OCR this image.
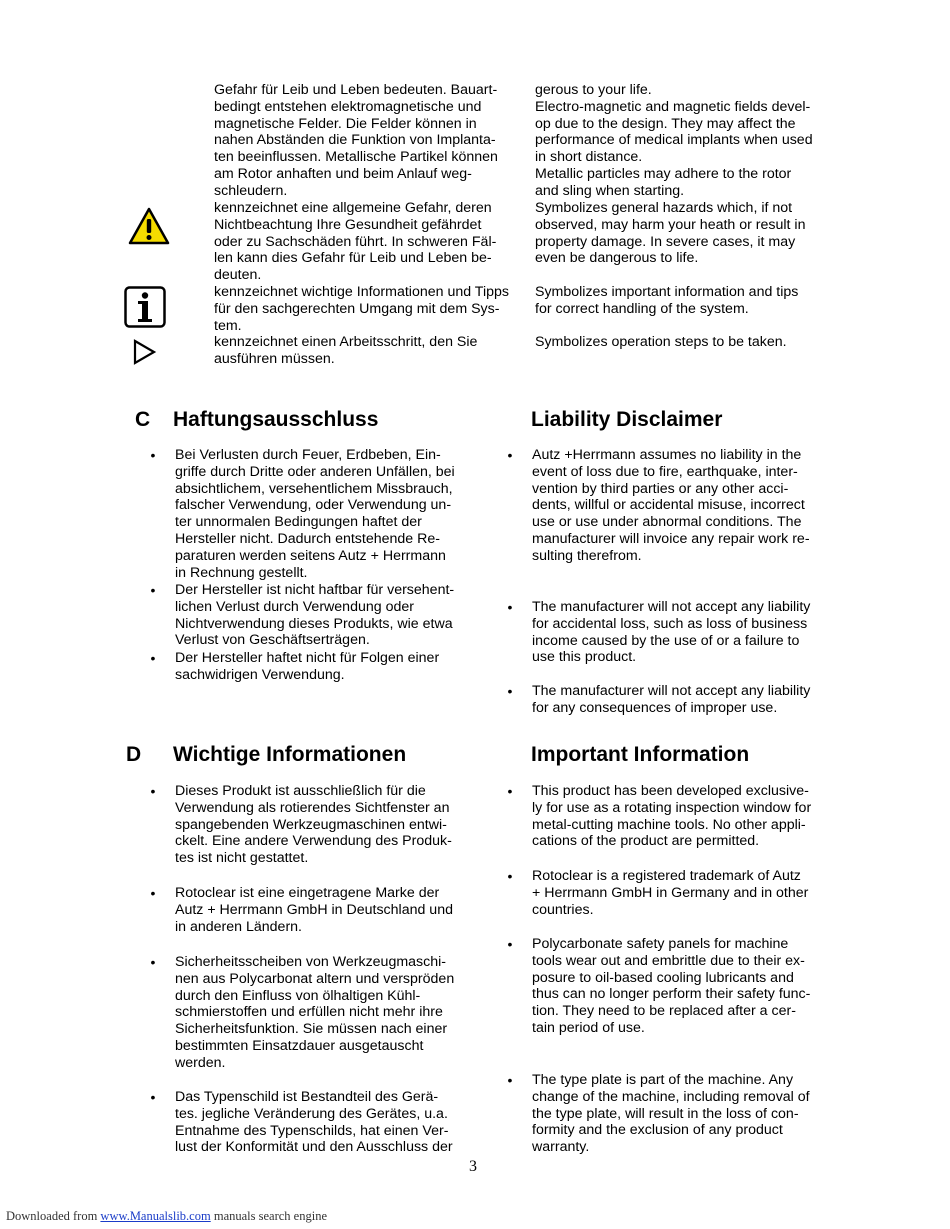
Gefahr für Leib und Leben bedeuten. Bauart-
bedingt entstehen elektromagnetische und
magnetische Felder. Die Felder können in
nahen Abständen die Funktion von Implanta-
ten beeinflussen. Metallische Partikel können
am Rotor anhaften und beim Anlauf weg-
schleudern.
gerous to your life.
Electro-magnetic and magnetic fields devel-
op due to the design. They may affect the
performance of medical implants when used
in short distance.
Metallic particles may adhere to the rotor
and sling when starting.
kennzeichnet eine allgemeine Gefahr, deren
Nichtbeachtung Ihre Gesundheit gefährdet
oder zu Sachschäden führt. In schweren Fäl-
len kann dies Gefahr für Leib und Leben be-
deuten.
Symbolizes general hazards which, if not
observed, may harm your heath or result in
property damage. In severe cases, it may
even be dangerous to life.
kennzeichnet wichtige Informationen und Tipps
für den sachgerechten Umgang mit dem Sys-
tem.
Symbolizes important information and tips
for correct handling of the system.
kennzeichnet einen Arbeitsschritt, den Sie
ausführen müssen.
Symbolizes operation steps to be taken.
C Haftungsausschluss	Liability Disclaimer
• Bei Verlusten durch Feuer, Erdbeben, Ein-
griffe durch Dritte oder anderen Unfällen, bei
absichtlichem, versehentlichem Missbrauch,
falscher Verwendung, oder Verwendung un-
ter unnormalen Bedingungen haftet der
Hersteller nicht. Dadurch entstehende Re-
paraturen werden seitens Autz + Herrmann
in Rechnung gestellt.
• Der Hersteller ist nicht haftbar für versehent-
lichen Verlust durch Verwendung oder
Nichtverwendung dieses Produkts, wie etwa
Verlust von Geschäftserträgen.
• Der Hersteller haftet nicht für Folgen einer
sachwidrigen Verwendung.
• Autz +Herrmann assumes no liability in the
event of loss due to fire, earthquake, inter-
vention by third parties or any other acci-
dents, willful or accidental misuse, incorrect
use or use under abnormal conditions. The
manufacturer will invoice any repair work re-
sulting therefrom.
• The manufacturer will not accept any liability
for accidental loss, such as loss of business
income caused by the use of or a failure to
use this product.
• The manufacturer will not accept any liability
for any consequences of improper use.
D Wichtige Informationen	Important Information
• Dieses Produkt ist ausschließlich für die
Verwendung als rotierendes Sichtfenster an
spangebenden Werkzeugmaschinen entwi-
ckelt. Eine andere Verwendung des Produk-
tes ist nicht gestattet.
• Rotoclear ist eine eingetragene Marke der
Autz + Herrmann GmbH in Deutschland und
in anderen Ländern.
• Sicherheitsscheiben von Werkzeugmaschi-
nen aus Polycarbonat altern und verspröden
durch den Einfluss von ölhaltigen Kühl-
schmierstoffen und erfüllen nicht mehr ihre
Sicherheitsfunktion. Sie müssen nach einer
bestimmten Einsatzdauer ausgetauscht
werden.
• Das Typenschild ist Bestandteil des Gerä-
tes. jegliche Veränderung des Gerätes, u.a.
Entnahme des Typenschilds, hat einen Ver-
lust der Konformität und den Ausschluss der
• This product has been developed exclusive-
ly for use as a rotating inspection window for
metal-cutting machine tools. No other appli-
cations of the product are permitted.
• Rotoclear is a registered trademark of Autz
+ Herrmann GmbH in Germany and in other
countries.
• Polycarbonate safety panels for machine
tools wear out and embrittle due to their ex-
posure to oil-based cooling lubricants and
thus can no longer perform their safety func-
tion. They need to be replaced after a cer-
tain period of use.
• The type plate is part of the machine. Any
change of the machine, including removal of
the type plate, will result in the loss of con-
formity and the exclusion of any product
warranty.
3
Downloaded from www.Manualslib.com manuals search engine
